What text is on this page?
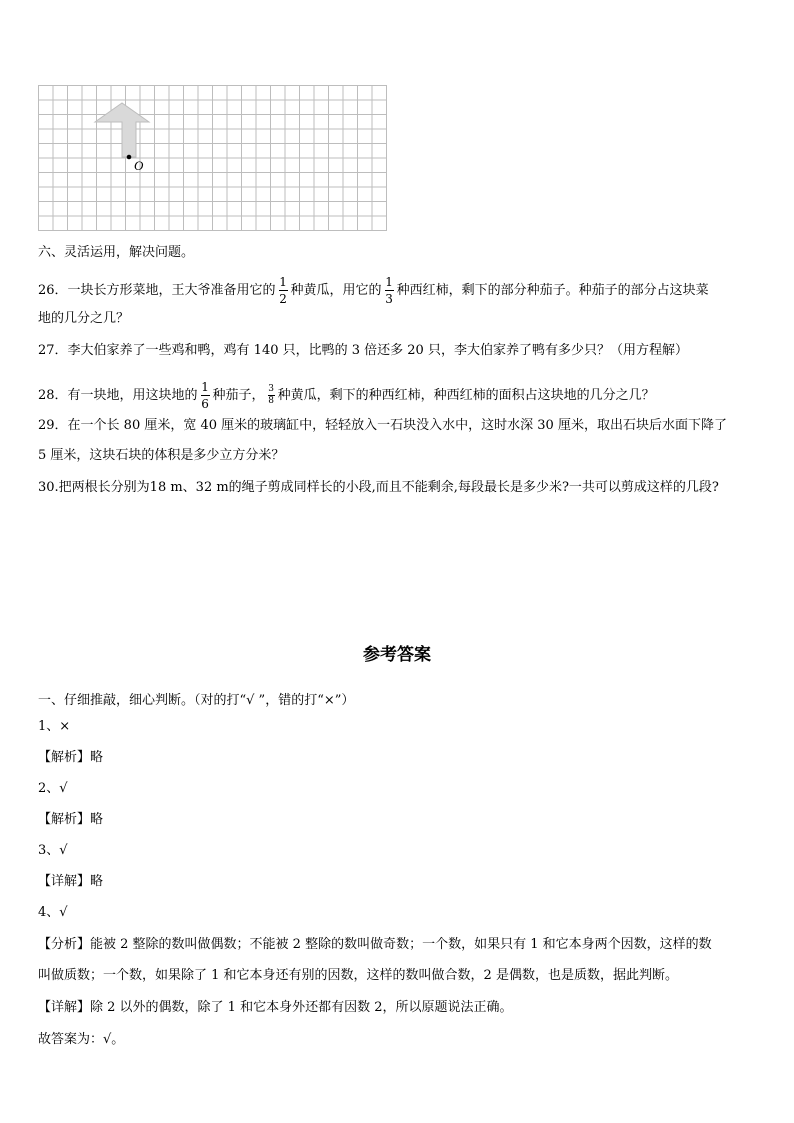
O
六、灵活运用，解决问题。
26．一块长方形菜地，王大爷准备用它的 $\frac{1}{2}$ 种黄瓜，用它的 $\frac{1}{3}$ 种西红柿，剩下的部分种茄子。种茄子的部分占这块菜
地的几分之几？
27．李大伯家养了一些鸡和鸭，鸡有 140 只，比鸭的 3 倍还多 20 只，李大伯家养了鸭有多少只？（用方程解）
28．有一块地，用这块地的 $\frac{1}{6}$ 种茄子， $\frac{3}{8}$ 种黄瓜，剩下的种西红柿，种西红柿的面积占这块地的几分之几？
29．在一个长 80 厘米，宽 40 厘米的玻璃缸中，轻轻放入一石块没入水中，这时水深 30 厘米，取出石块后水面下降了
5 厘米，这块石块的体积是多少立方分米？
30.把两根长分别为18 m、32 m的绳子剪成同样长的小段,而且不能剩余,每段最长是多少米?一共可以剪成这样的几段?
参考答案
一、仔细推敲，细心判断。（对的打“√ ”，错的打“×”）
1、×
【解析】略
2、√
【解析】略
3、√
【详解】略
4、√
【分析】能被 2 整除的数叫做偶数；不能被 2 整除的数叫做奇数；一个数，如果只有 1 和它本身两个因数，这样的数
叫做质数；一个数，如果除了 1 和它本身还有别的因数，这样的数叫做合数，2 是偶数，也是质数，据此判断。
【详解】除 2 以外的偶数，除了 1 和它本身外还都有因数 2，所以原题说法正确。
故答案为：√。
